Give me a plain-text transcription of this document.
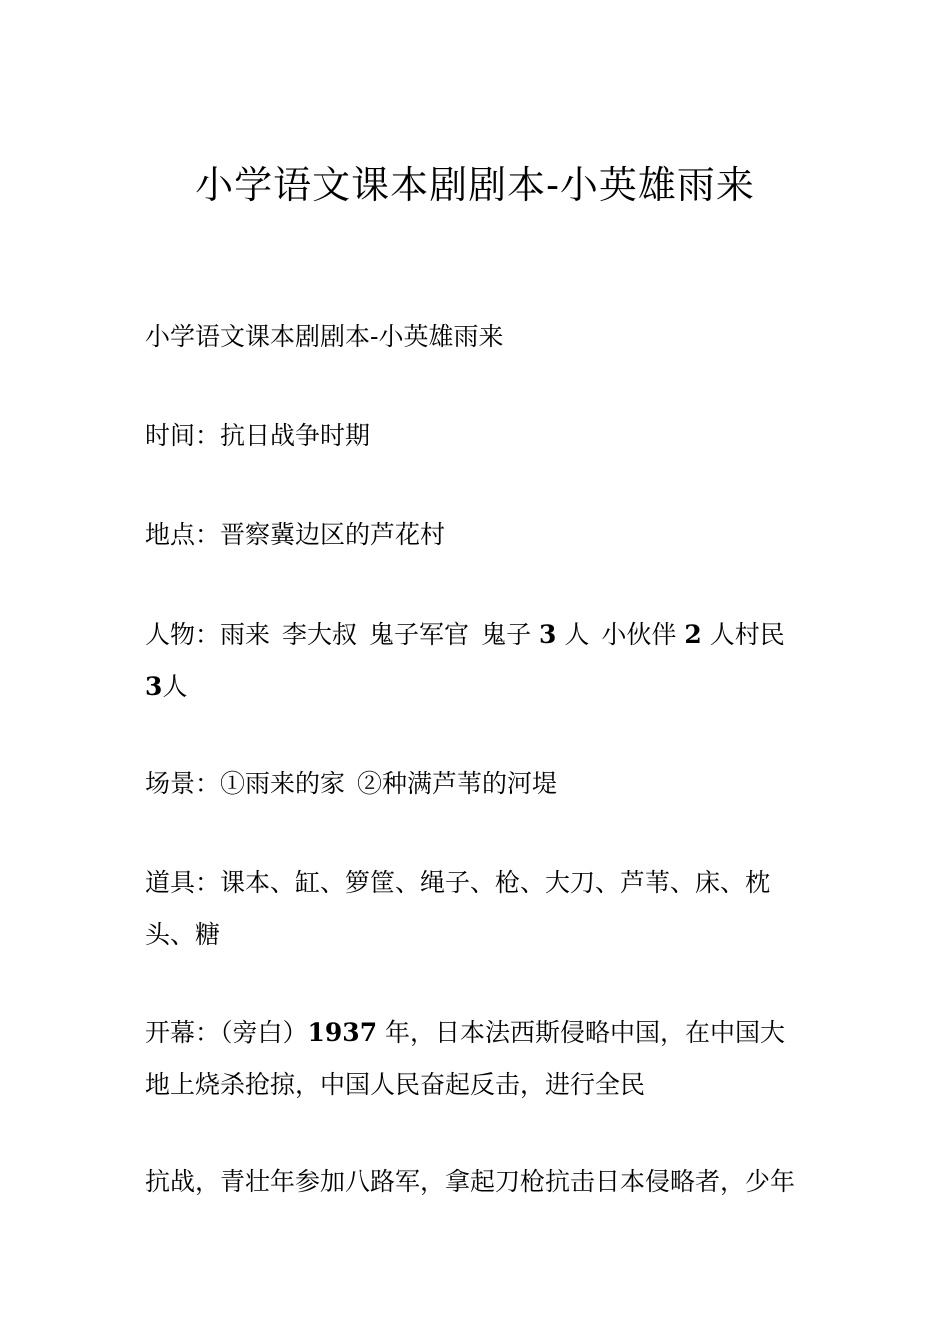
小学语文课本剧剧本-小英雄雨来

小学语文课本剧剧本-小英雄雨来

时间：抗日战争时期

地点：晋察冀边区的芦花村

人物：雨来 李大叔 鬼子军官 鬼子 3 人 小伙伴 2 人村民 3人

场景：①雨来的家 ②种满芦苇的河堤

道具：课本、缸、箩筐、绳子、枪、大刀、芦苇、床、枕头、糖

开幕：（旁白）1937 年，日本法西斯侵略中国，在中国大地上烧杀抢掠，中国人民奋起反击，进行全民

抗战，青壮年参加八路军，拿起刀枪抗击日本侵略者，少年
